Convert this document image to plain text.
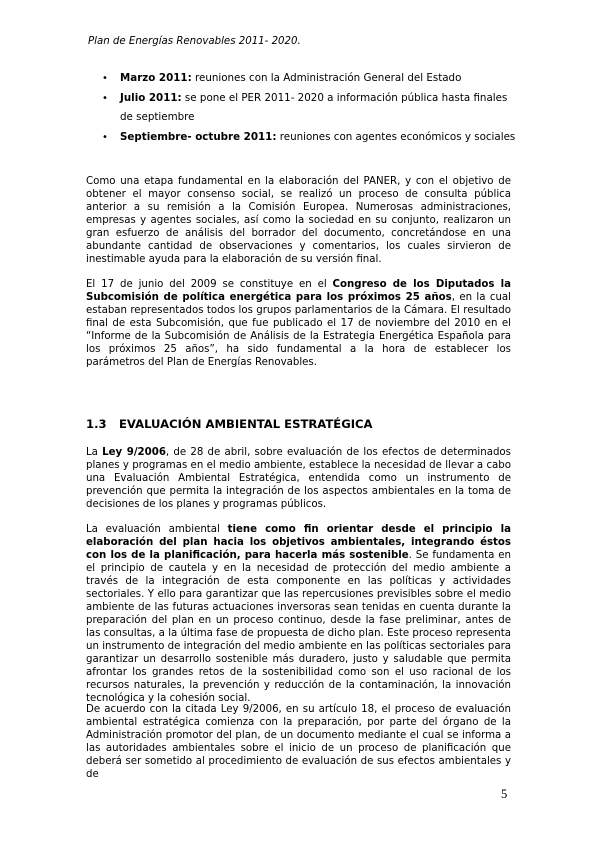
Plan de Energías Renovables 2011- 2020.
• Marzo 2011: reuniones con la Administración General del Estado
• Julio 2011: se pone el PER 2011- 2020 a información pública hasta finales de septiembre
• Septiembre- octubre 2011: reuniones con agentes económicos y sociales
Como una etapa fundamental en la elaboración del PANER, y con el objetivo de obtener el mayor consenso social, se realizó un proceso de consulta pública anterior a su remisión a la Comisión Europea. Numerosas administraciones, empresas y agentes sociales, así como la sociedad en su conjunto, realizaron un gran esfuerzo de análisis del borrador del documento, concretándose en una abundante cantidad de observaciones y comentarios, los cuales sirvieron de inestimable ayuda para la elaboración de su versión final.
El 17 de junio del 2009 se constituye en el Congreso de los Diputados la Subcomisión de política energética para los próximos 25 años, en la cual estaban representados todos los grupos parlamentarios de la Cámara. El resultado final de esta Subcomisión, que fue publicado el 17 de noviembre del 2010 en el “Informe de la Subcomisión de Análisis de la Estrategia Energética Española para los próximos 25 años”, ha sido fundamental a la hora de establecer los parámetros del Plan de Energías Renovables.
1.3 EVALUACIÓN AMBIENTAL ESTRATÉGICA
La Ley 9/2006, de 28 de abril, sobre evaluación de los efectos de determinados planes y programas en el medio ambiente, establece la necesidad de llevar a cabo una Evaluación Ambiental Estratégica, entendida como un instrumento de prevención que permita la integración de los aspectos ambientales en la toma de decisiones de los planes y programas públicos.
La evaluación ambiental tiene como fin orientar desde el principio la elaboración del plan hacia los objetivos ambientales, integrando éstos con los de la planificación, para hacerla más sostenible. Se fundamenta en el principio de cautela y en la necesidad de protección del medio ambiente a través de la integración de esta componente en las políticas y actividades sectoriales. Y ello para garantizar que las repercusiones previsibles sobre el medio ambiente de las futuras actuaciones inversoras sean tenidas en cuenta durante la preparación del plan en un proceso continuo, desde la fase preliminar, antes de las consultas, a la última fase de propuesta de dicho plan. Este proceso representa un instrumento de integración del medio ambiente en las políticas sectoriales para garantizar un desarrollo sostenible más duradero, justo y saludable que permita afrontar los grandes retos de la sostenibilidad como son el uso racional de los recursos naturales, la prevención y reducción de la contaminación, la innovación tecnológica y la cohesión social.
De acuerdo con la citada Ley 9/2006, en su artículo 18, el proceso de evaluación ambiental estratégica comienza con la preparación, por parte del órgano de la Administración promotor del plan, de un documento mediante el cual se informa a las autoridades ambientales sobre el inicio de un proceso de planificación que deberá ser sometido al procedimiento de evaluación de sus efectos ambientales y de
5
